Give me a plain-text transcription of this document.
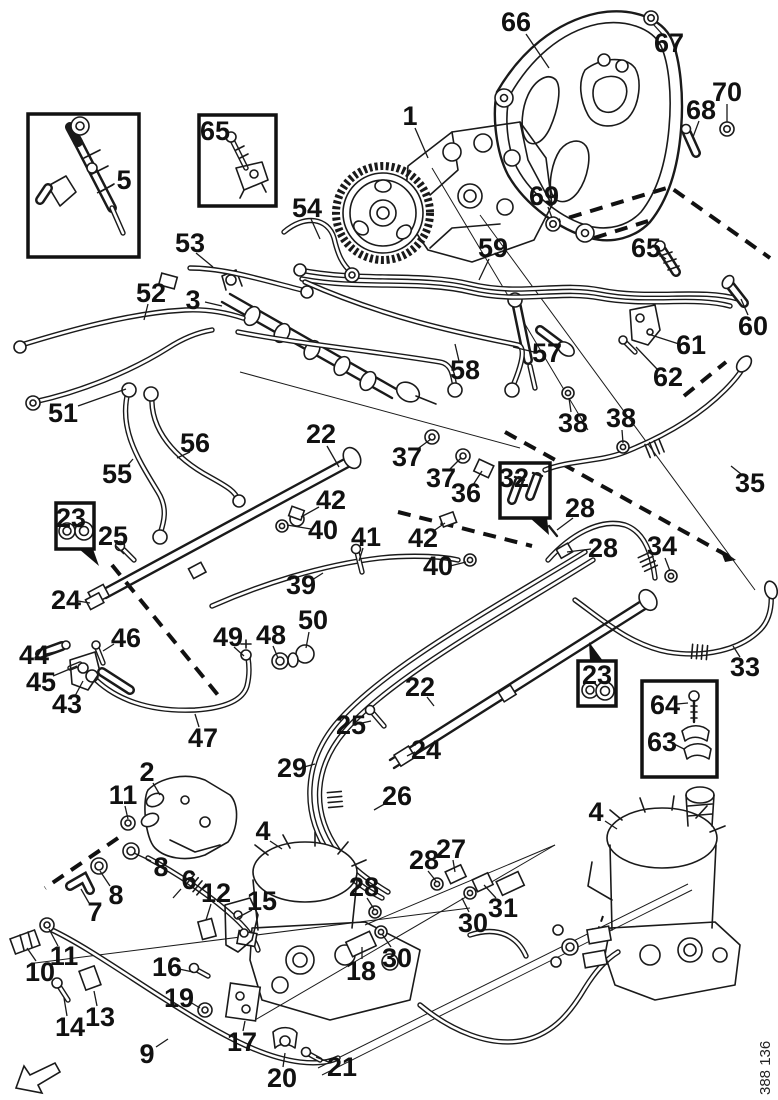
388 136
1
2
3
4
4
5
6
7
8
8
9
10
11
11
12
13
14
15
16
17
18
19
20 21
22
22
23
23
24
24
25
25
26
27
28
28
28
28
29
30
30
31
32
33
34
35
36
37
37
38 38
39
40
40
41
42
42
43
44
45
46
47
48
49
50
51
52
53
54
55
56
57
58
59
60
61
62
63
64
65
65
66
67
68
69
70
